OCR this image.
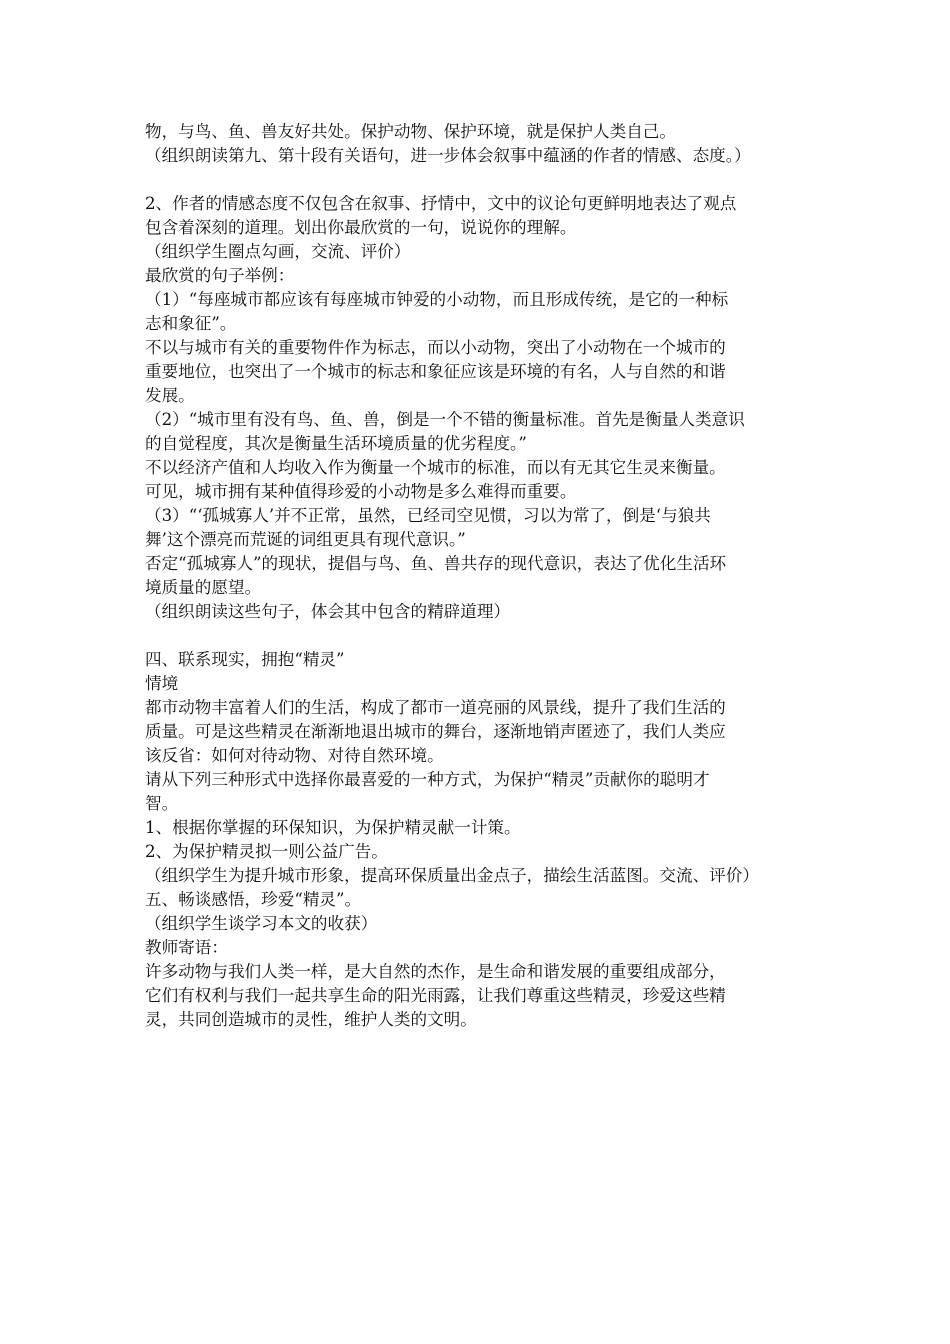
物，与鸟、鱼、兽友好共处。保护动物、保护环境，就是保护人类自己。
（组织朗读第九、第十段有关语句，进一步体会叙事中蕴涵的作者的情感、态度。）
2、作者的情感态度不仅包含在叙事、抒情中，文中的议论句更鲜明地表达了观点
包含着深刻的道理。划出你最欣赏的一句，说说你的理解。
（组织学生圈点勾画，交流、评价）
最欣赏的句子举例：
（1）“每座城市都应该有每座城市钟爱的小动物，而且形成传统，是它的一种标
志和象征”。
不以与城市有关的重要物件作为标志，而以小动物，突出了小动物在一个城市的
重要地位，也突出了一个城市的标志和象征应该是环境的有名，人与自然的和谐
发展。
（2）“城市里有没有鸟、鱼、兽，倒是一个不错的衡量标准。首先是衡量人类意识
的自觉程度，其次是衡量生活环境质量的优劣程度。”
不以经济产值和人均收入作为衡量一个城市的标准，而以有无其它生灵来衡量。
可见，城市拥有某种值得珍爱的小动物是多么难得而重要。
（3）“‘孤城寡人’并不正常，虽然，已经司空见惯，习以为常了，倒是‘与狼共
舞’这个漂亮而荒诞的词组更具有现代意识。”
否定“孤城寡人”的现状，提倡与鸟、鱼、兽共存的现代意识，表达了优化生活环
境质量的愿望。
（组织朗读这些句子，体会其中包含的精辟道理）
四、联系现实，拥抱“精灵”
情境
都市动物丰富着人们的生活，构成了都市一道亮丽的风景线，提升了我们生活的
质量。可是这些精灵在渐渐地退出城市的舞台，逐渐地销声匿迹了，我们人类应
该反省：如何对待动物、对待自然环境。
请从下列三种形式中选择你最喜爱的一种方式，为保护“精灵”贡献你的聪明才
智。
1、根据你掌握的环保知识，为保护精灵献一计策。
2、为保护精灵拟一则公益广告。
（组织学生为提升城市形象，提高环保质量出金点子，描绘生活蓝图。交流、评价）
五、畅谈感悟，珍爱“精灵”。
（组织学生谈学习本文的收获）
教师寄语：
许多动物与我们人类一样，是大自然的杰作，是生命和谐发展的重要组成部分，
它们有权利与我们一起共享生命的阳光雨露，让我们尊重这些精灵，珍爱这些精
灵，共同创造城市的灵性，维护人类的文明。
